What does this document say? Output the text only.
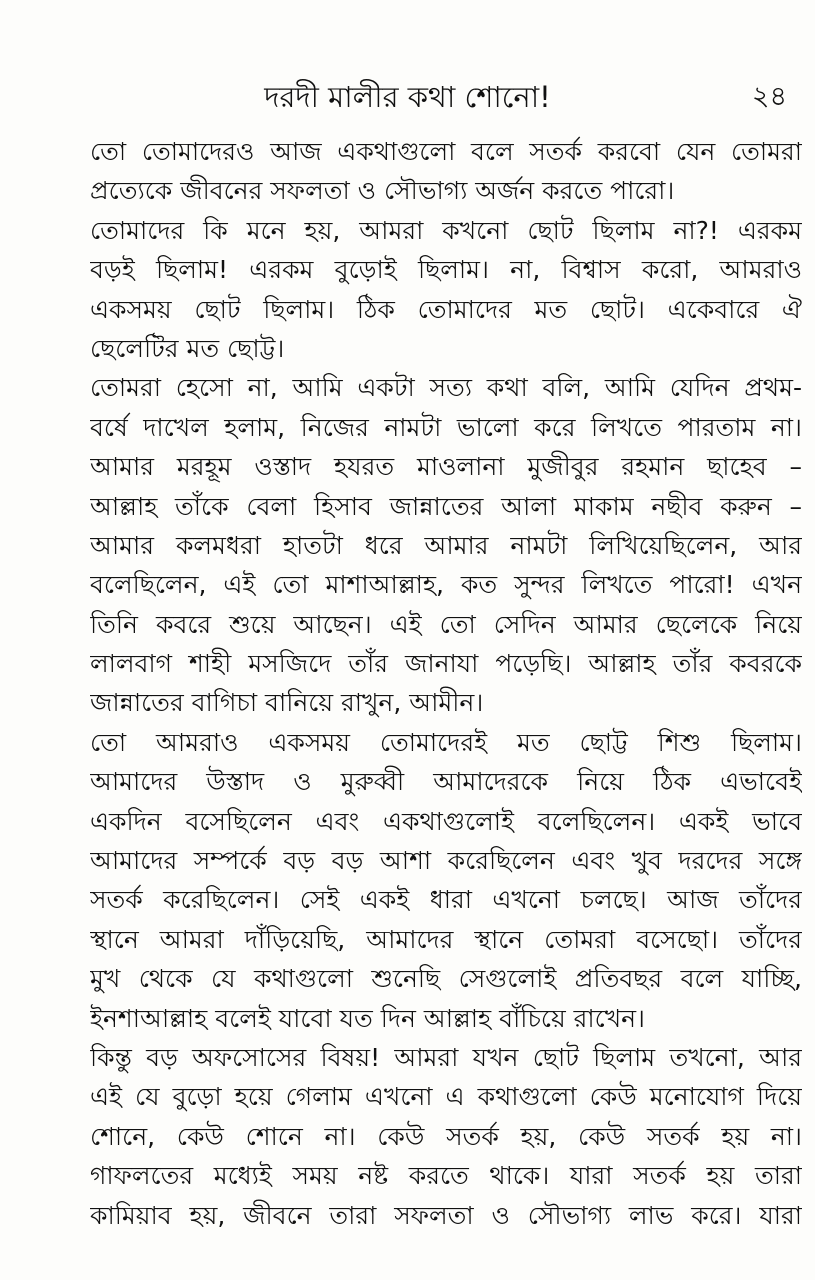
দরদী মালীর কথা শোনো!	২৪
তো তোমাদেরও আজ একথাগুলো বলে সতর্ক করবো যেন তোমরা
প্রত্যেকে জীবনের সফলতা ও সৌভাগ্য অর্জন করতে পারো।
তোমাদের কি মনে হয়, আমরা কখনো ছোট ছিলাম না?! এরকম
বড়ই ছিলাম! এরকম বুড়োই ছিলাম। না, বিশ্বাস করো, আমরাও
একসময় ছোট ছিলাম। ঠিক তোমাদের মত ছোট। একেবারে ঐ
ছেলেটির মত ছোট্ট।
তোমরা হেসো না, আমি একটা সত্য কথা বলি, আমি যেদিন প্রথম-
বর্ষে দাখেল হলাম, নিজের নামটা ভালো করে লিখতে পারতাম না।
আমার মরহূম ওস্তাদ হযরত মাওলানা মুজীবুর রহমান ছাহেব –
আল্লাহ তাঁকে বেলা হিসাব জান্নাতের আলা মাকাম নছীব করুন –
আমার কলমধরা হাতটা ধরে আমার নামটা লিখিয়েছিলেন, আর
বলেছিলেন, এই তো মাশাআল্লাহ, কত সুন্দর লিখতে পারো! এখন
তিনি কবরে শুয়ে আছেন। এই তো সেদিন আমার ছেলেকে নিয়ে
লালবাগ শাহী মসজিদে তাঁর জানাযা পড়েছি। আল্লাহ তাঁর কবরকে
জান্নাতের বাগিচা বানিয়ে রাখুন, আমীন।
তো আমরাও একসময় তোমাদেরই মত ছোট্ট শিশু ছিলাম।
আমাদের উস্তাদ ও মুরুব্বী আমাদেরকে নিয়ে ঠিক এভাবেই
একদিন বসেছিলেন এবং একথাগুলোই বলেছিলেন। একই ভাবে
আমাদের সম্পর্কে বড় বড় আশা করেছিলেন এবং খুব দরদের সঙ্গে
সতর্ক করেছিলেন। সেই একই ধারা এখনো চলছে। আজ তাঁদের
স্থানে আমরা দাঁড়িয়েছি, আমাদের স্থানে তোমরা বসেছো। তাঁদের
মুখ থেকে যে কথাগুলো শুনেছি সেগুলোই প্রতিবছর বলে যাচ্ছি,
ইনশাআল্লাহ বলেই যাবো যত দিন আল্লাহ বাঁচিয়ে রাখেন।
কিন্তু বড় অফসোসের বিষয়! আমরা যখন ছোট ছিলাম তখনো, আর
এই যে বুড়ো হয়ে গেলাম এখনো এ কথাগুলো কেউ মনোযোগ দিয়ে
শোনে, কেউ শোনে না। কেউ সতর্ক হয়, কেউ সতর্ক হয় না।
গাফলতের মধ্যেই সময় নষ্ট করতে থাকে। যারা সতর্ক হয় তারা
কামিয়াব হয়, জীবনে তারা সফলতা ও সৌভাগ্য লাভ করে। যারা
